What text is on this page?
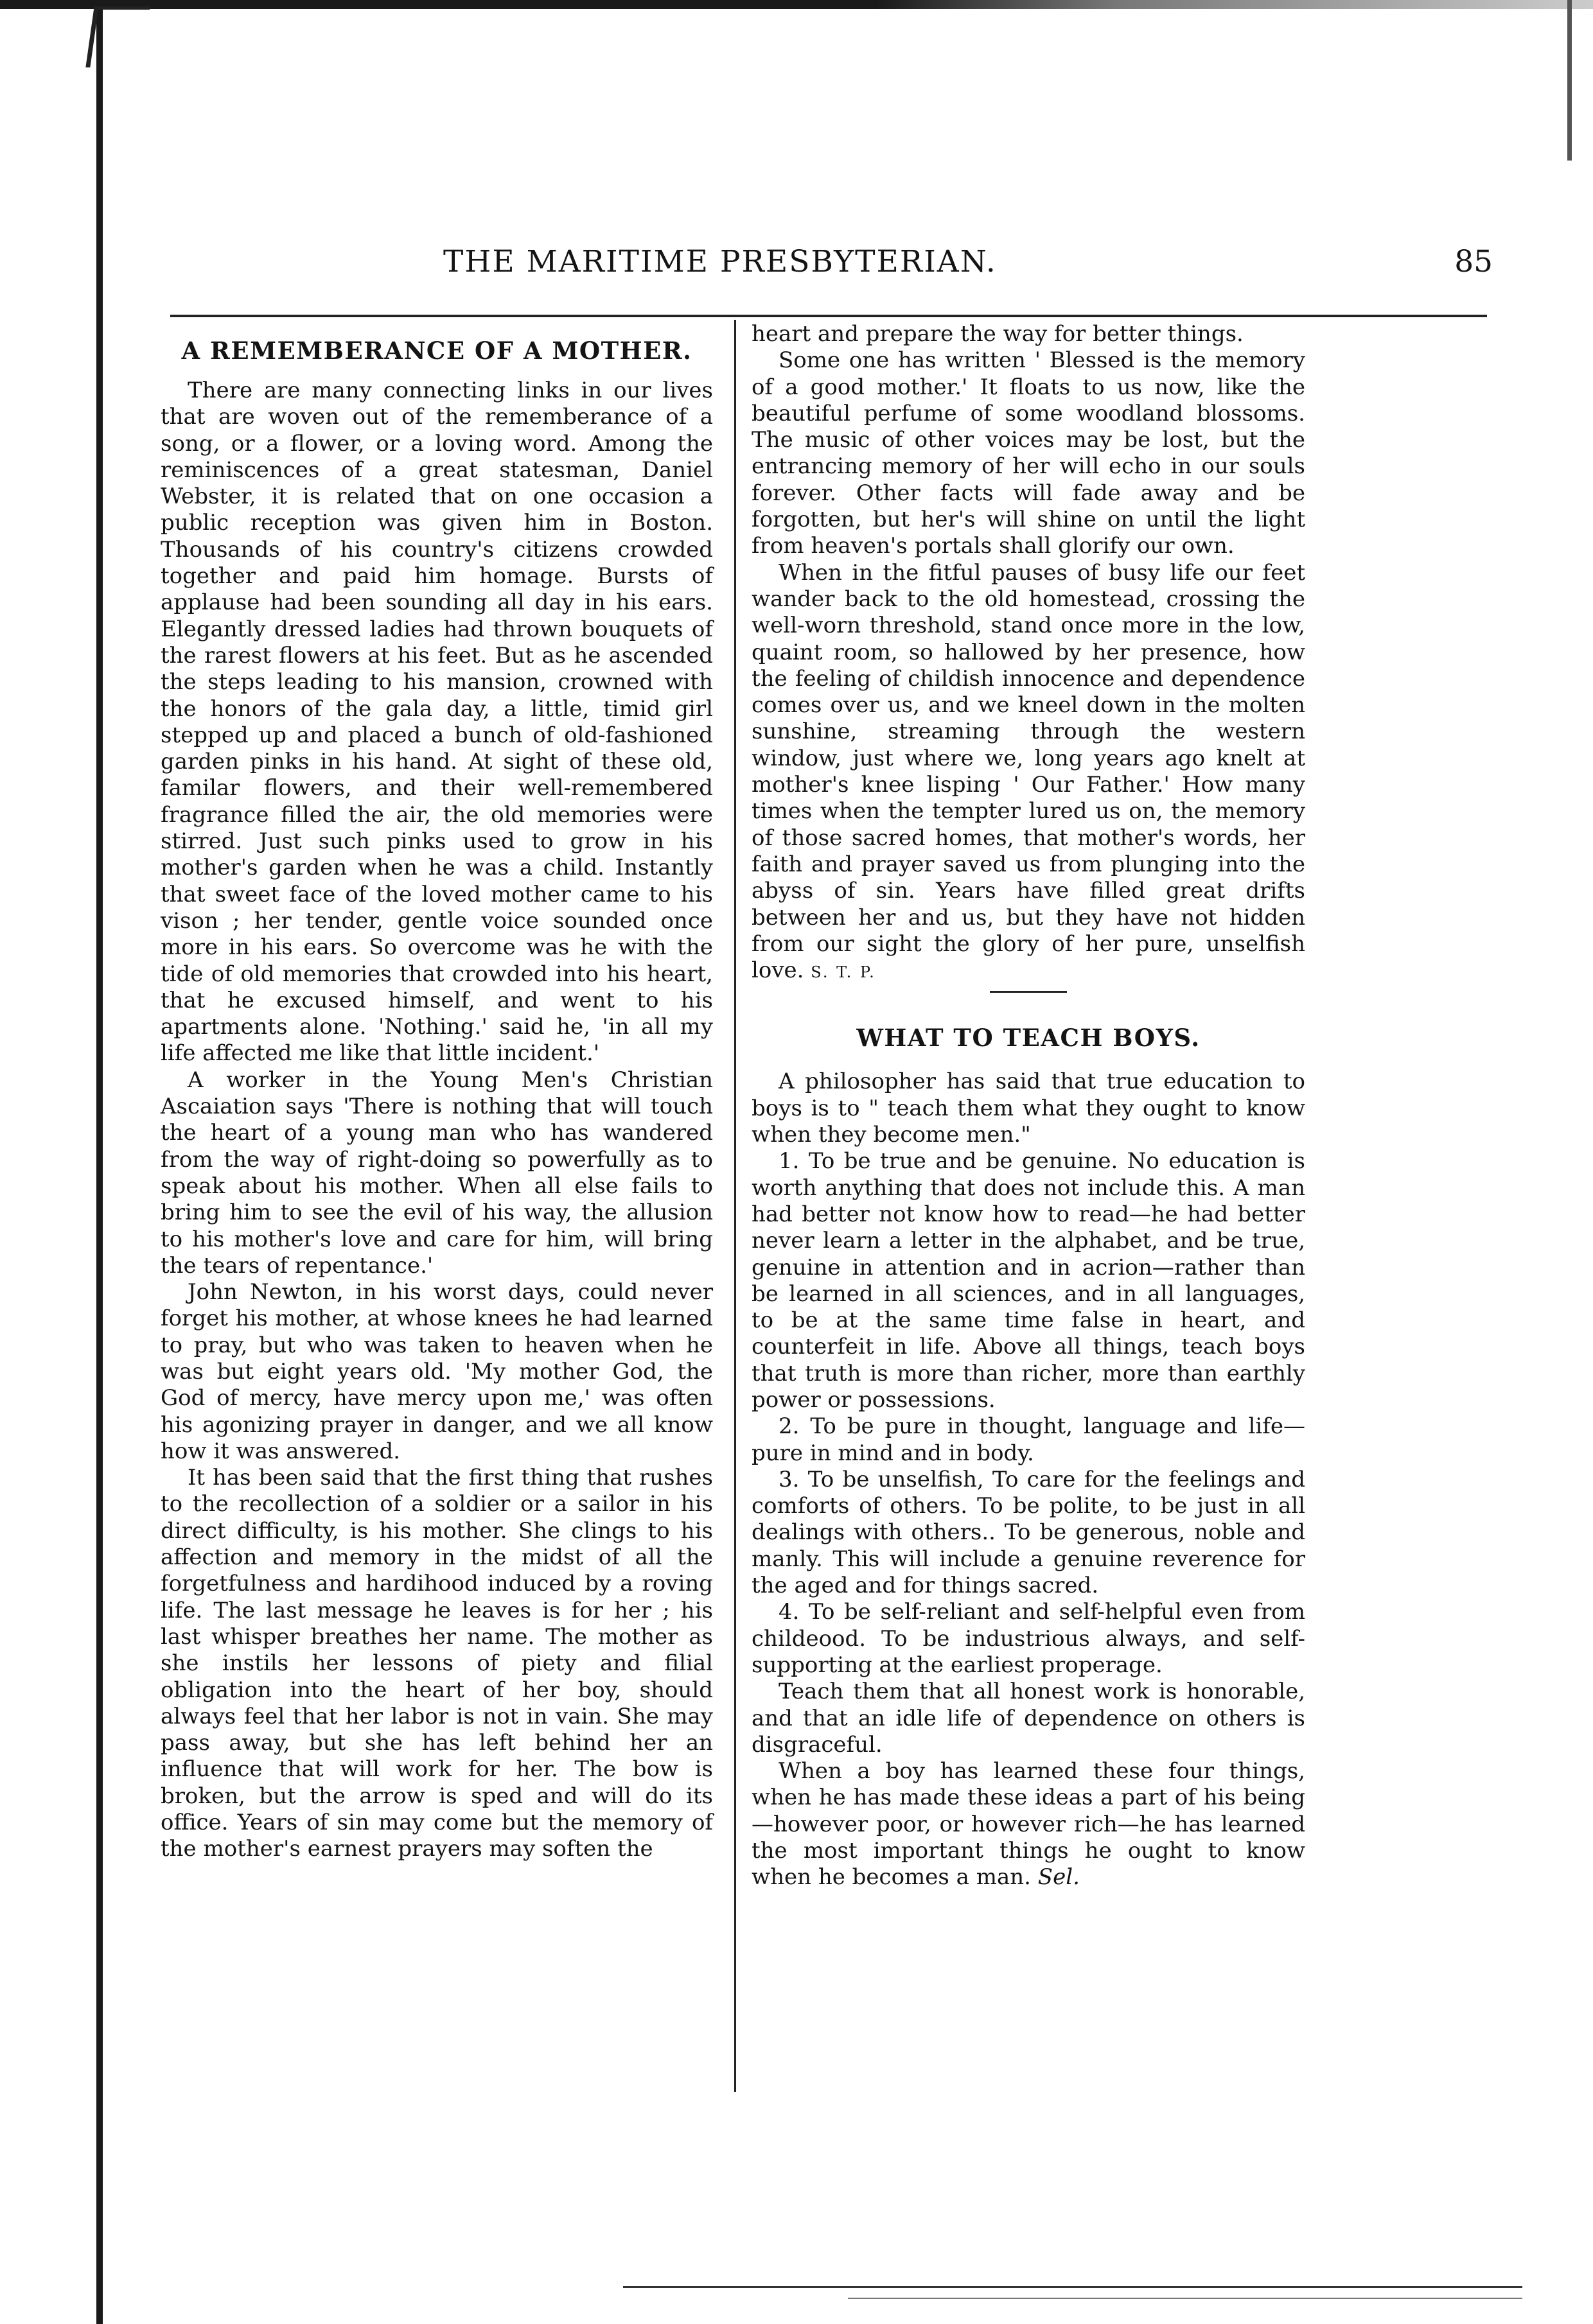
THE MARITIME PRESBYTERIAN.	85
A REMEMBERANCE OF A MOTHER.

There are many connecting links in our lives that are woven out of the rememberance of a song, or a flower, or a loving word. Among the reminiscences of a great statesman, Daniel Webster, it is related that on one occasion a public reception was given him in Boston. Thousands of his country's citizens crowded together and paid him homage. Bursts of applause had been sounding all day in his ears. Elegantly dressed ladies had thrown bouquets of the rarest flowers at his feet. But as he ascended the steps leading to his mansion, crowned with the honors of the gala day, a little, timid girl stepped up and placed a bunch of old-fashioned garden pinks in his hand. At sight of these old, familar flowers, and their well-remembered fragrance filled the air, the old memories were stirred. Just such pinks used to grow in his mother's garden when he was a child. Instantly that sweet face of the loved mother came to his vison ; her tender, gentle voice sounded once more in his ears. So overcome was he with the tide of old memories that crowded into his heart, that he excused himself, and went to his apartments alone. 'Nothing.' said he, 'in all my life affected me like that little incident.'

A worker in the Young Men's Christian Ascaiation says 'There is nothing that will touch the heart of a young man who has wandered from the way of right-doing so powerfully as to speak about his mother. When all else fails to bring him to see the evil of his way, the allusion to his mother's love and care for him, will bring the tears of repentance.'

John Newton, in his worst days, could never forget his mother, at whose knees he had learned to pray, but who was taken to heaven when he was but eight years old. 'My mother God, the God of mercy, have mercy upon me,' was often his agonizing prayer in danger, and we all know how it was answered.

It has been said that the first thing that rushes to the recollection of a soldier or a sailor in his direct difficulty, is his mother. She clings to his affection and memory in the midst of all the forgetfulness and hardihood induced by a roving life. The last message he leaves is for her ; his last whisper breathes her name. The mother as she instils her lessons of piety and filial obligation into the heart of her boy, should always feel that her labor is not in vain. She may pass away, but she has left behind her an influence that will work for her. The bow is broken, but the arrow is sped and will do its office. Years of sin may come but the memory of the mother's earnest prayers may soften the

heart and prepare the way for better things.

Some one has written ' Blessed is the memory of a good mother.' It floats to us now, like the beautiful perfume of some woodland blossoms. The music of other voices may be lost, but the entrancing memory of her will echo in our souls forever. Other facts will fade away and be forgotten, but her's will shine on until the light from heaven's portals shall glorify our own.

When in the fitful pauses of busy life our feet wander back to the old homestead, crossing the well-worn threshold, stand once more in the low, quaint room, so hallowed by her presence, how the feeling of childish innocence and dependence comes over us, and we kneel down in the molten sunshine, streaming through the western window, just where we, long years ago knelt at mother's knee lisping ' Our Father.' How many times when the tempter lured us on, the memory of those sacred homes, that mother's words, her faith and prayer saved us from plunging into the abyss of sin. Years have filled great drifts between her and us, but they have not hidden from our sight the glory of her pure, unselfish love. S. T. P.

WHAT TO TEACH BOYS.

A philosopher has said that true education to boys is to " teach them what they ought to know when they become men."

1. To be true and be genuine. No education is worth anything that does not include this. A man had better not know how to read—he had better never learn a letter in the alphabet, and be true, genuine in attention and in acrion—rather than be learned in all sciences, and in all languages, to be at the same time false in heart, and counterfeit in life. Above all things, teach boys that truth is more than richer, more than earthly power or possessions.

2. To be pure in thought, language and life—pure in mind and in body.

3. To be unselfish, To care for the feelings and comforts of others. To be polite, to be just in all dealings with others.. To be generous, noble and manly. This will include a genuine reverence for the aged and for things sacred.

4. To be self-reliant and self-helpful even from childeood. To be industrious always, and self-supporting at the earliest properage.

Teach them that all honest work is honorable, and that an idle life of dependence on others is disgraceful.

When a boy has learned these four things, when he has made these ideas a part of his being—however poor, or however rich—he has learned the most important things he ought to know when he becomes a man. Sel.
